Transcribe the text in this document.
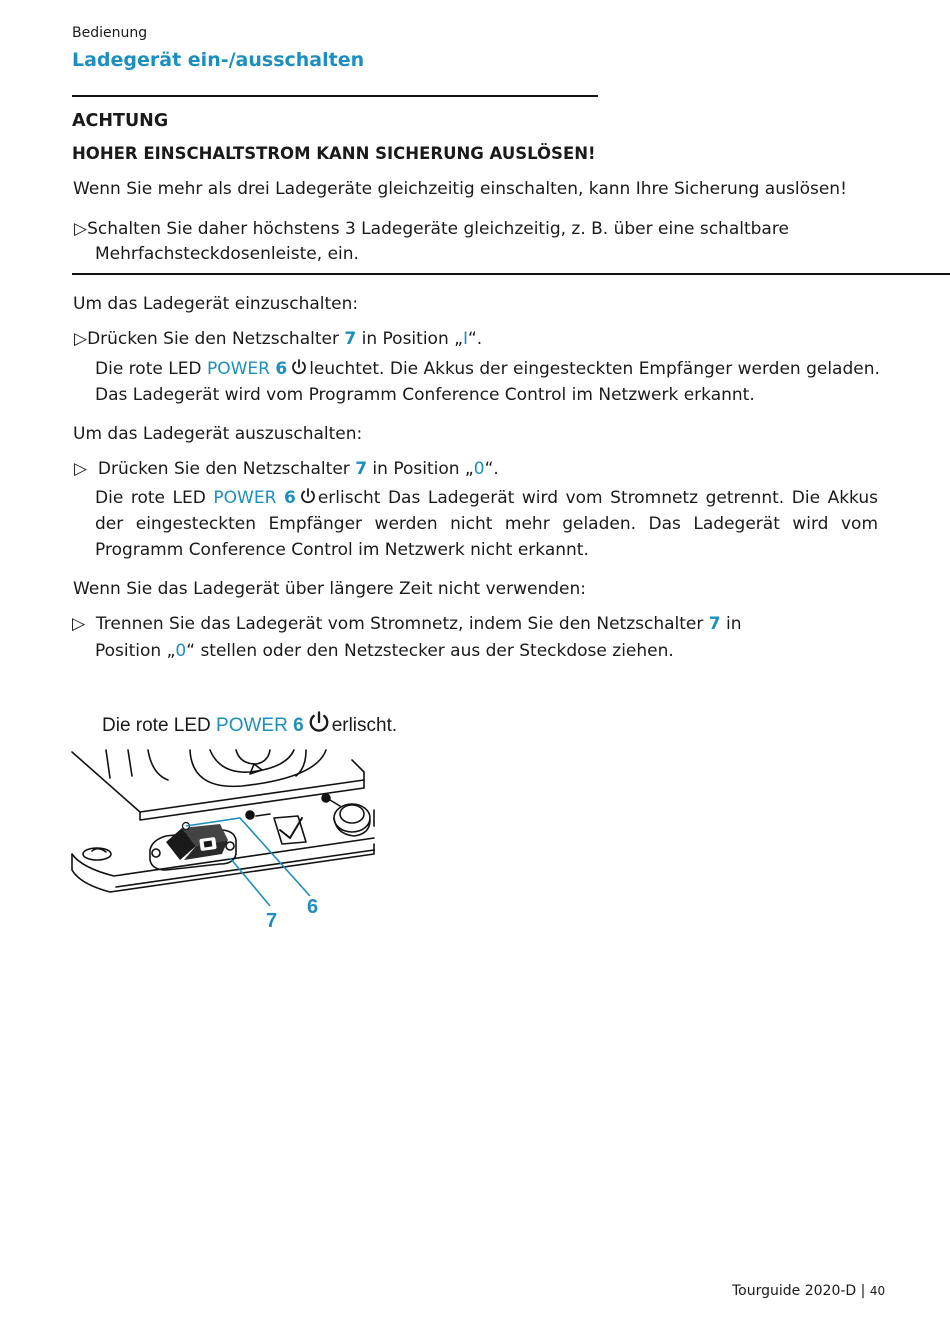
Bedienung
Ladegerät ein-/ausschalten
ACHTUNG
HOHER EINSCHALTSTROM KANN SICHERUNG AUSLÖSEN!
Wenn Sie mehr als drei Ladegeräte gleichzeitig einschalten, kann Ihre Sicherung auslösen!
▷Schalten Sie daher höchstens 3 Ladegeräte gleichzeitig, z. B. über eine schaltbare
Mehrfachsteckdosenleiste, ein.
Um das Ladegerät einzuschalten:
▷Drücken Sie den Netzschalter 7 in Position „I“.
Die rote LED POWER 6 leuchtet. Die Akkus der eingesteckten Empfänger werden geladen.
Das Ladegerät wird vom Programm Conference Control im Netzwerk erkannt.
Um das Ladegerät auszuschalten:
▷ Drücken Sie den Netzschalter 7 in Position „0“.
Die rote LED POWER 6 erlischt Das Ladegerät wird vom Stromnetz getrennt. Die Akkus der eingesteckten Empfänger werden nicht mehr geladen. Das Ladegerät wird vom Programm Conference Control im Netzwerk nicht erkannt.
Wenn Sie das Ladegerät über längere Zeit nicht verwenden:
▷ Trennen Sie das Ladegerät vom Stromnetz, indem Sie den Netzschalter 7 in
Position „0“ stellen oder den Netzstecker aus der Steckdose ziehen.
Die rote LED POWER 6 erlischt.
7
6
Tourguide 2020-D | 40
